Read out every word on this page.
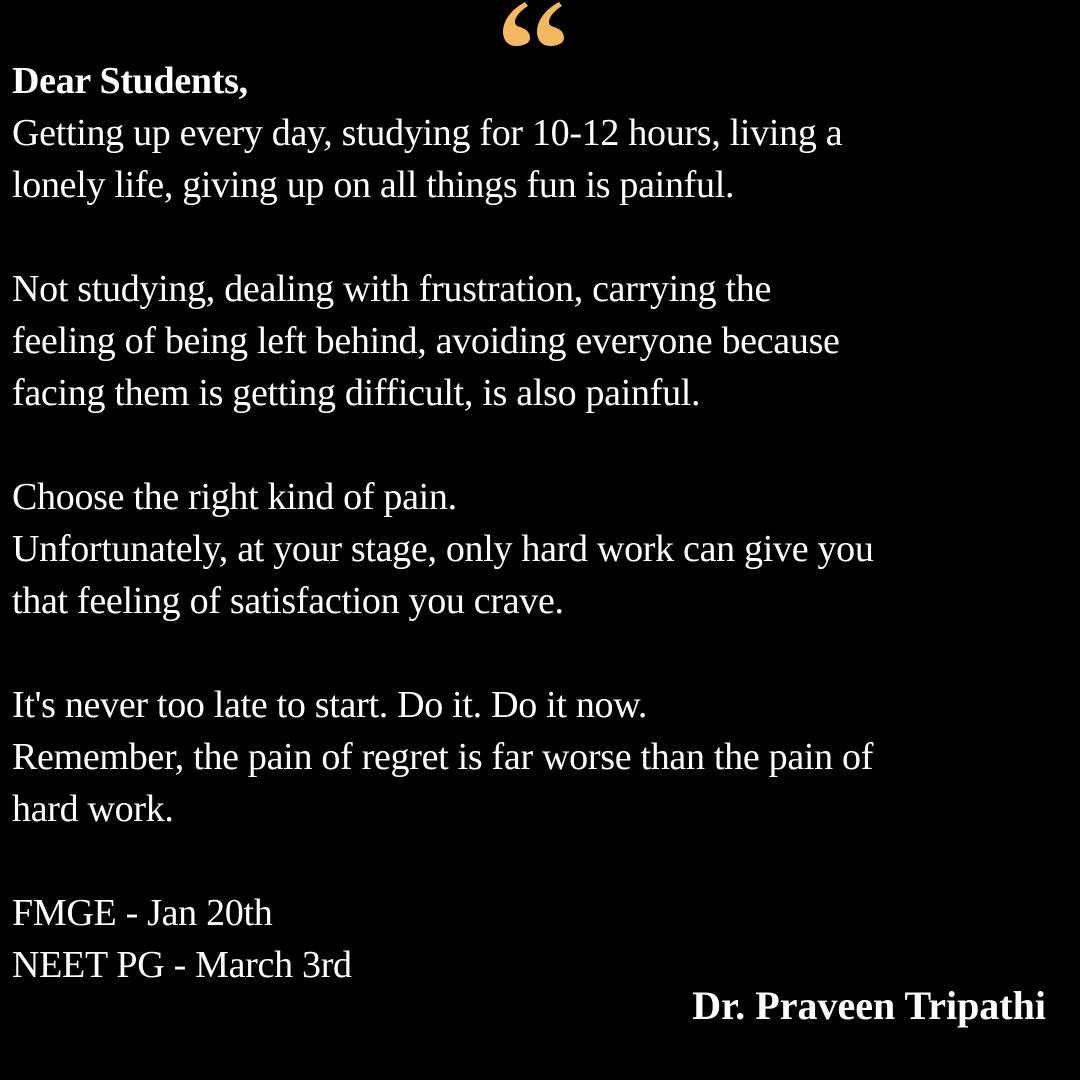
Dear Students,

Getting up every day, studying for 10-12 hours, living a
lonely life, giving up on all things fun is painful.

Not studying, dealing with frustration, carrying the
feeling of being left behind, avoiding everyone because
facing them is getting difficult, is also painful.

Choose the right kind of pain.
Unfortunately, at your stage, only hard work can give you
that feeling of satisfaction you crave.

It's never too late to start. Do it. Do it now.
Remember, the pain of regret is far worse than the pain of
hard work.

FMGE - Jan 20th
NEET PG - March 3rd

Dr. Praveen Tripathi
